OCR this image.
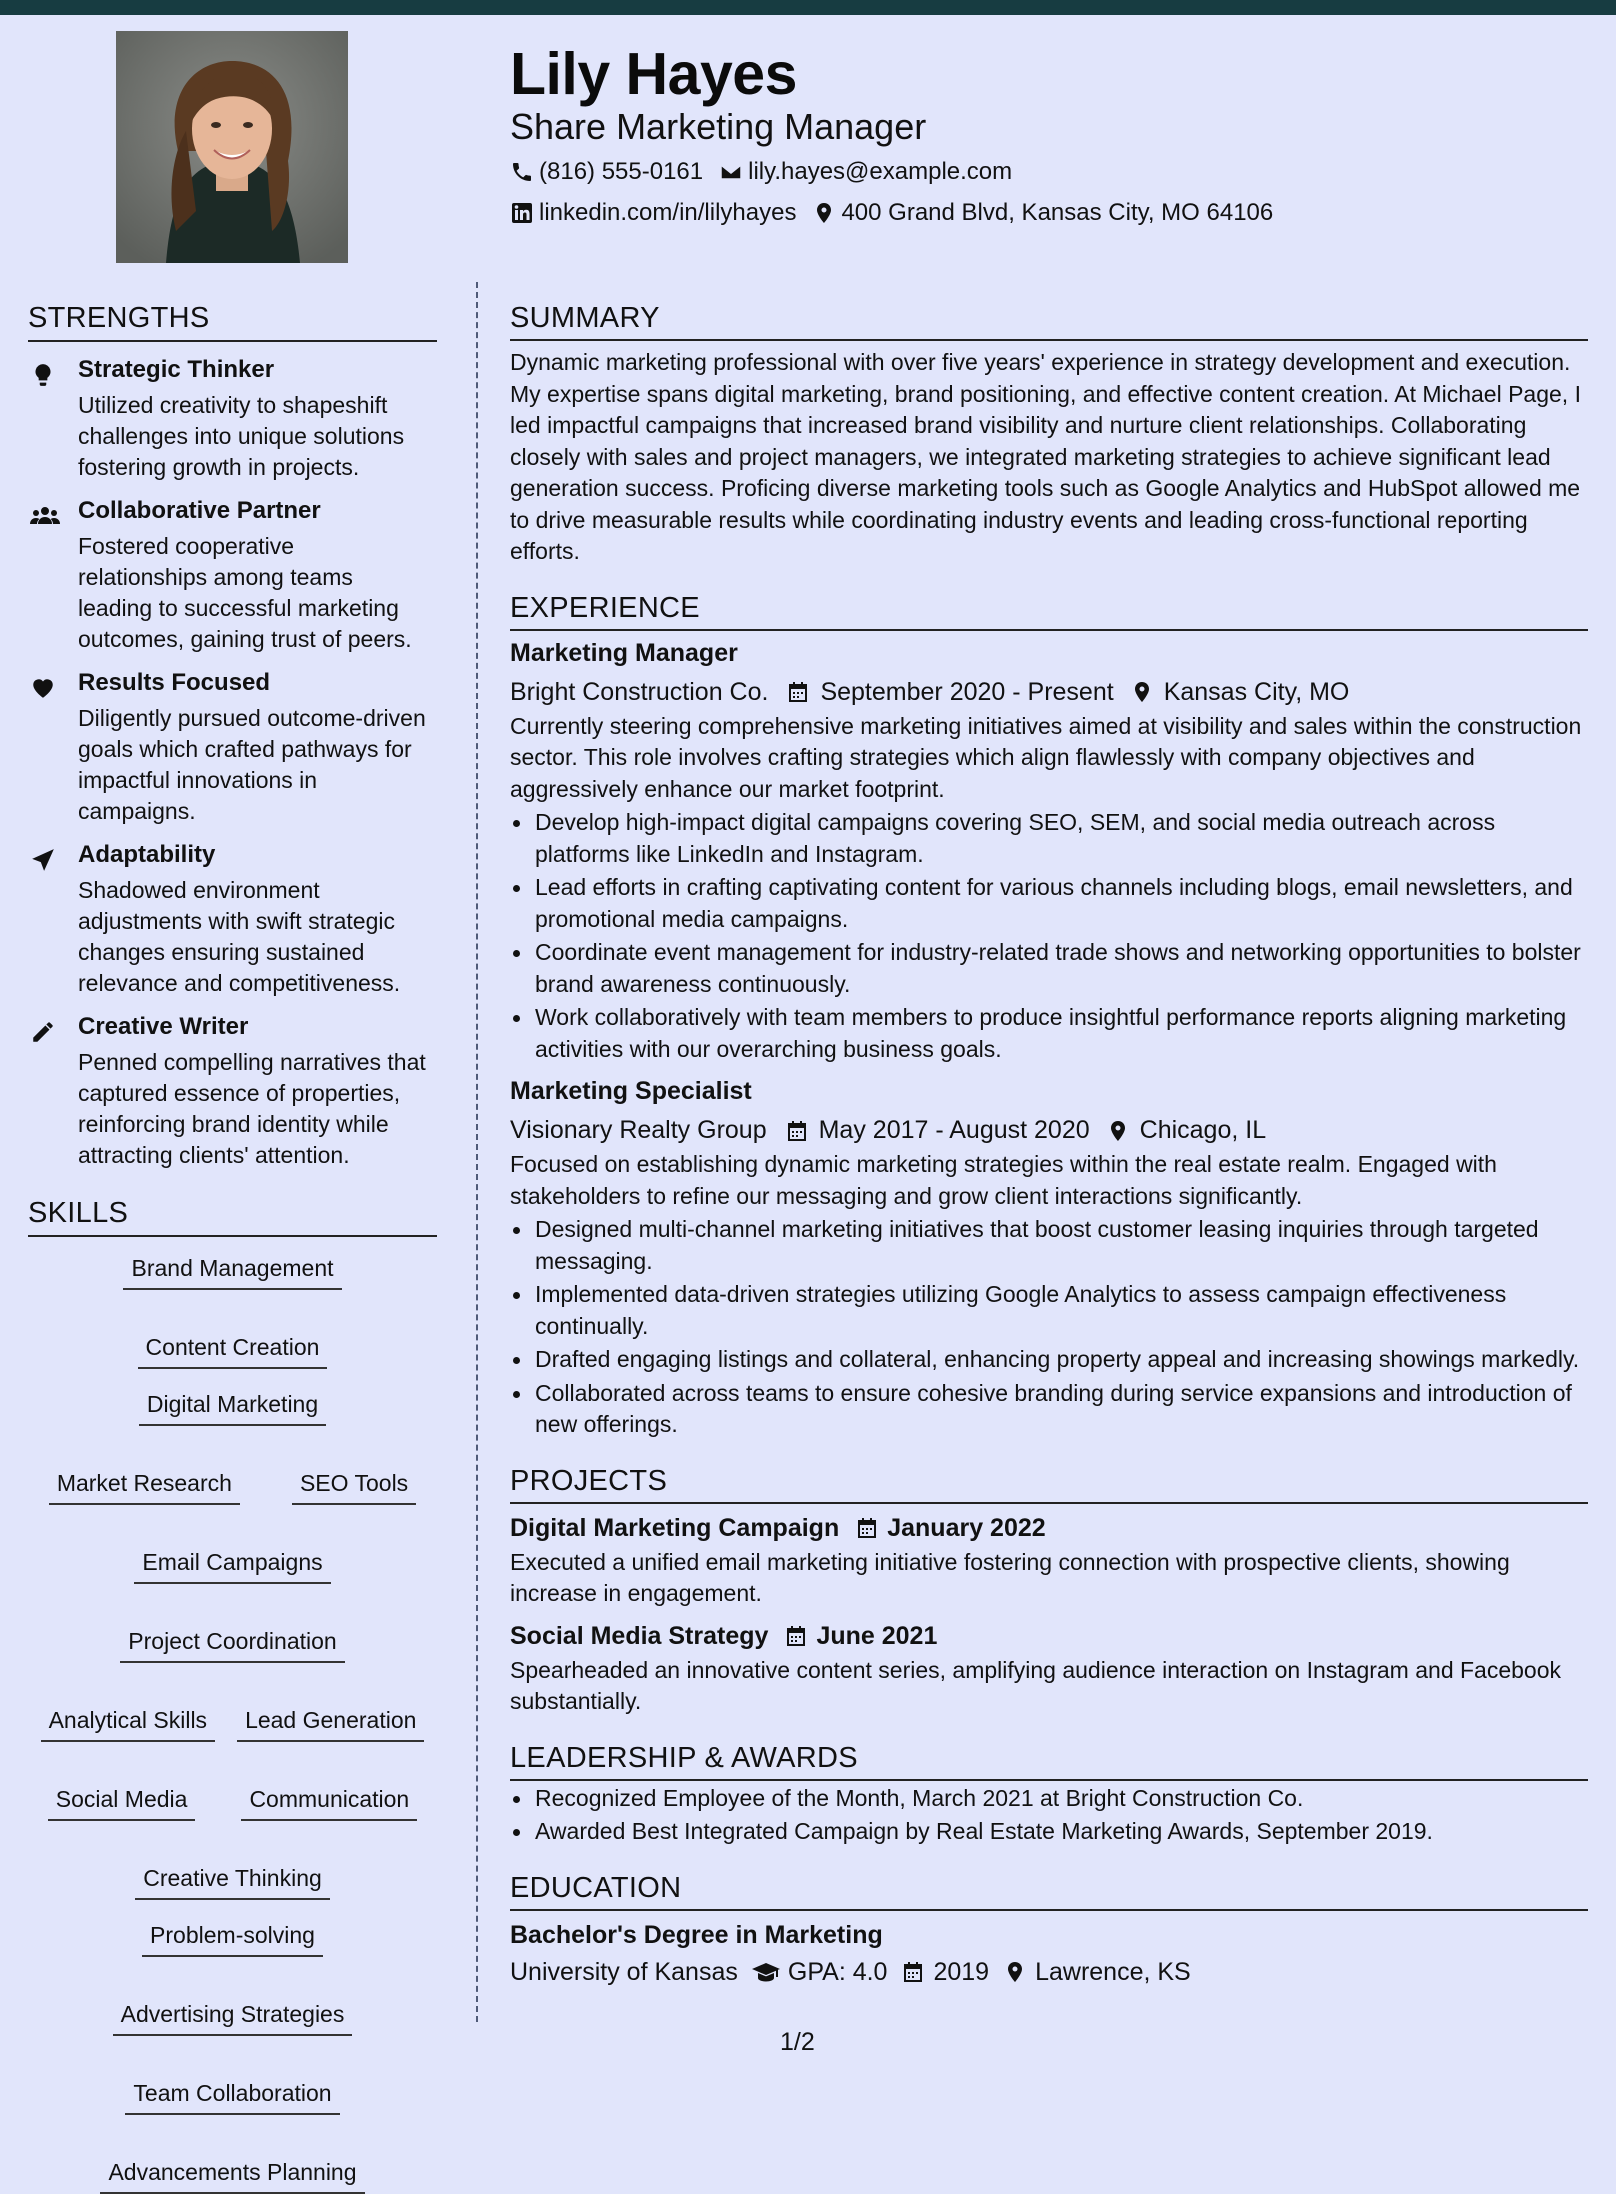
Lily Hayes
Share Marketing Manager
(816) 555-0161 lily.hayes@example.com
linkedin.com/in/lilyhayes 400 Grand Blvd, Kansas City, MO 64106
STRENGTHS
Strategic Thinker
Utilized creativity to shapeshift challenges into unique solutions fostering growth in projects.
Collaborative Partner
Fostered cooperative relationships among teams leading to successful marketing outcomes, gaining trust of peers.
Results Focused
Diligently pursued outcome-driven goals which crafted pathways for impactful innovations in campaigns.
Adaptability
Shadowed environment adjustments with swift strategic changes ensuring sustained relevance and competitiveness.
Creative Writer
Penned compelling narratives that captured essence of properties, reinforcing brand identity while attracting clients' attention.
SKILLS
Brand Management
Content Creation
Digital Marketing
Market Research	SEO Tools
Email Campaigns
Project Coordination
Analytical Skills	Lead Generation
Social Media	Communication
Creative Thinking
Problem-solving
Advertising Strategies
Team Collaboration
Advancements Planning
SUMMARY
Dynamic marketing professional with over five years' experience in strategy development and execution. My expertise spans digital marketing, brand positioning, and effective content creation. At Michael Page, I led impactful campaigns that increased brand visibility and nurture client relationships. Collaborating closely with sales and project managers, we integrated marketing strategies to achieve significant lead generation success. Proficing diverse marketing tools such as Google Analytics and HubSpot allowed me to drive measurable results while coordinating industry events and leading cross-functional reporting efforts.
EXPERIENCE
Marketing Manager
Bright Construction Co. September 2020 - Present Kansas City, MO
Currently steering comprehensive marketing initiatives aimed at visibility and sales within the construction sector. This role involves crafting strategies which align flawlessly with company objectives and aggressively enhance our market footprint.
Develop high-impact digital campaigns covering SEO, SEM, and social media outreach across platforms like LinkedIn and Instagram.
Lead efforts in crafting captivating content for various channels including blogs, email newsletters, and promotional media campaigns.
Coordinate event management for industry-related trade shows and networking opportunities to bolster brand awareness continuously.
Work collaboratively with team members to produce insightful performance reports aligning marketing activities with our overarching business goals.
Marketing Specialist
Visionary Realty Group May 2017 - August 2020 Chicago, IL
Focused on establishing dynamic marketing strategies within the real estate realm. Engaged with stakeholders to refine our messaging and grow client interactions significantly.
Designed multi-channel marketing initiatives that boost customer leasing inquiries through targeted messaging.
Implemented data-driven strategies utilizing Google Analytics to assess campaign effectiveness continually.
Drafted engaging listings and collateral, enhancing property appeal and increasing showings markedly.
Collaborated across teams to ensure cohesive branding during service expansions and introduction of new offerings.
PROJECTS
Digital Marketing Campaign January 2022
Executed a unified email marketing initiative fostering connection with prospective clients, showing increase in engagement.
Social Media Strategy June 2021
Spearheaded an innovative content series, amplifying audience interaction on Instagram and Facebook substantially.
LEADERSHIP & AWARDS
Recognized Employee of the Month, March 2021 at Bright Construction Co.
Awarded Best Integrated Campaign by Real Estate Marketing Awards, September 2019.
EDUCATION
Bachelor's Degree in Marketing
University of Kansas GPA: 4.0 2019 Lawrence, KS
1/2
